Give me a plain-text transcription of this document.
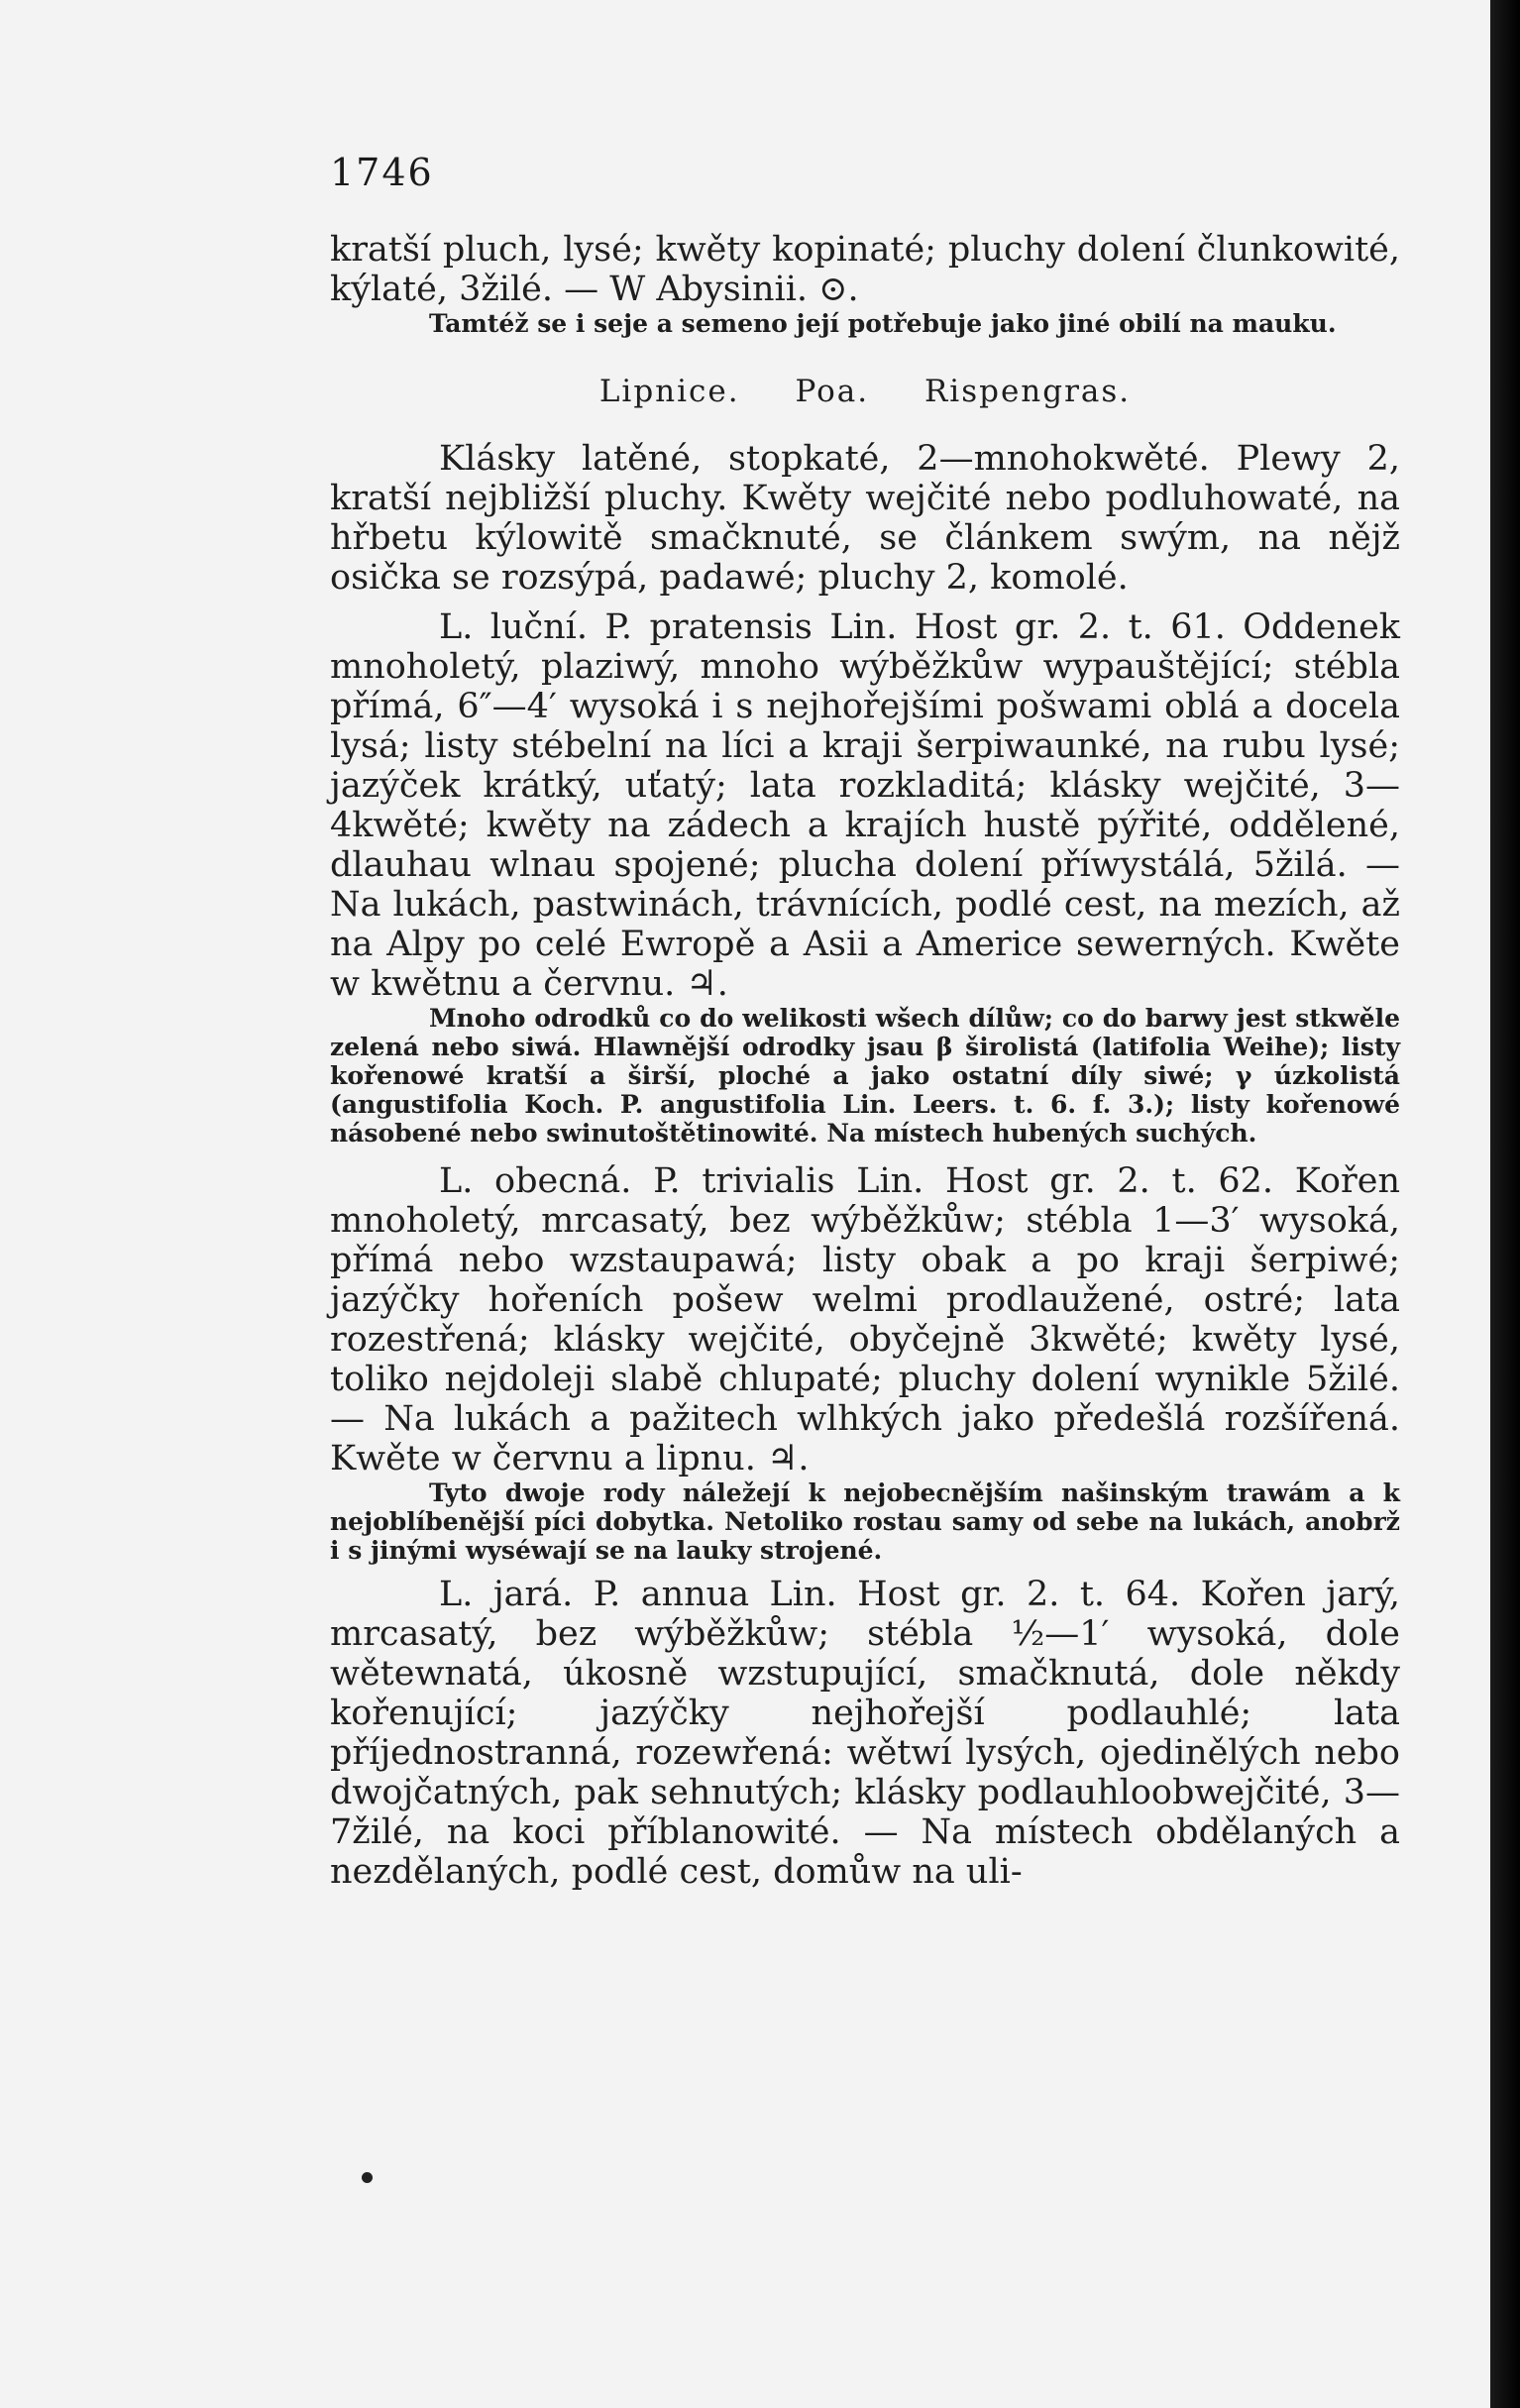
1746

kratší pluch, lysé; kwěty kopinaté; pluchy dolení člunkowité, kýlaté, 3žilé. — W Abysinii. ⊙.

Tamtéž se i seje a semeno její potřebuje jako jiné obilí na mauku.

Lipnice. Poa. Rispengras.

Klásky latěné, stopkaté, 2—mnohokwěté. Plewy 2, kratší nejbližší pluchy. Kwěty wejčité nebo podluhowaté, na hřbetu kýlowitě smačknuté, se článkem swým, na nějž osička se rozsýpá, padawé; pluchy 2, komolé.

L. luční. P. pratensis Lin. Host gr. 2. t. 61. Oddenek mnoholetý, plaziwý, mnoho wýběžkůw wypauštějící; stébla přímá, 6″—4′ wysoká i s nejhořejšími pošwami oblá a docela lysá; listy stébelní na líci a kraji šerpiwaunké, na rubu lysé; jazýček krátký, uťatý; lata rozkladitá; klásky wejčité, 3—4kwěté; kwěty na zádech a krajích hustě pýřité, oddělené, dlauhau wlnau spojené; plucha dolení příwystálá, 5žilá. — Na lukách, pastwinách, trávnících, podlé cest, na mezích, až na Alpy po celé Ewropě a Asii a Americe sewerných. Kwěte w kwětnu a červnu. ♃.

Mnoho odrodků co do welikosti wšech dílůw; co do barwy jest stkwěle zelená nebo siwá. Hlawnější odrodky jsau β širolistá (latifolia Weihe); listy kořenowé kratší a širší, ploché a jako ostatní díly siwé; γ úzkolistá (angustifolia Koch. P. angustifolia Lin. Leers. t. 6. f. 3.); listy kořenowé násobené nebo swinutoštětinowité. Na místech hubených suchých.

L. obecná. P. trivialis Lin. Host gr. 2. t. 62. Kořen mnoholetý, mrcasatý, bez wýběžkůw; stébla 1—3′ wysoká, přímá nebo wzstaupawá; listy obak a po kraji šerpiwé; jazýčky hořeních pošew welmi prodlaužené, ostré; lata rozestřená; klásky wejčité, obyčejně 3kwěté; kwěty lysé, toliko nejdoleji slabě chlupaté; pluchy dolení wynikle 5žilé. — Na lukách a pažitech wlhkých jako předešlá rozšířená. Kwěte w červnu a lipnu. ♃.

Tyto dwoje rody náležejí k nejobecnějším našinským trawám a k nejoblíbenější píci dobytka. Netoliko rostau samy od sebe na lukách, anobrž i s jinými wyséwají se na lauky strojené.

L. jará. P. annua Lin. Host gr. 2. t. 64. Kořen jarý, mrcasatý, bez wýběžkůw; stébla ½—1′ wysoká, dole wětewnatá, úkosně wzstupující, smačknutá, dole někdy kořenující; jazýčky nejhořejší podlauhlé; lata příjednostranná, rozewřená: wětwí lysých, ojedinělých nebo dwojčatných, pak sehnutých; klásky podlauhloobwejčité, 3—7žilé, na koci příblanowité. — Na místech obdělaných a nezdělaných, podlé cest, domůw na uli-
